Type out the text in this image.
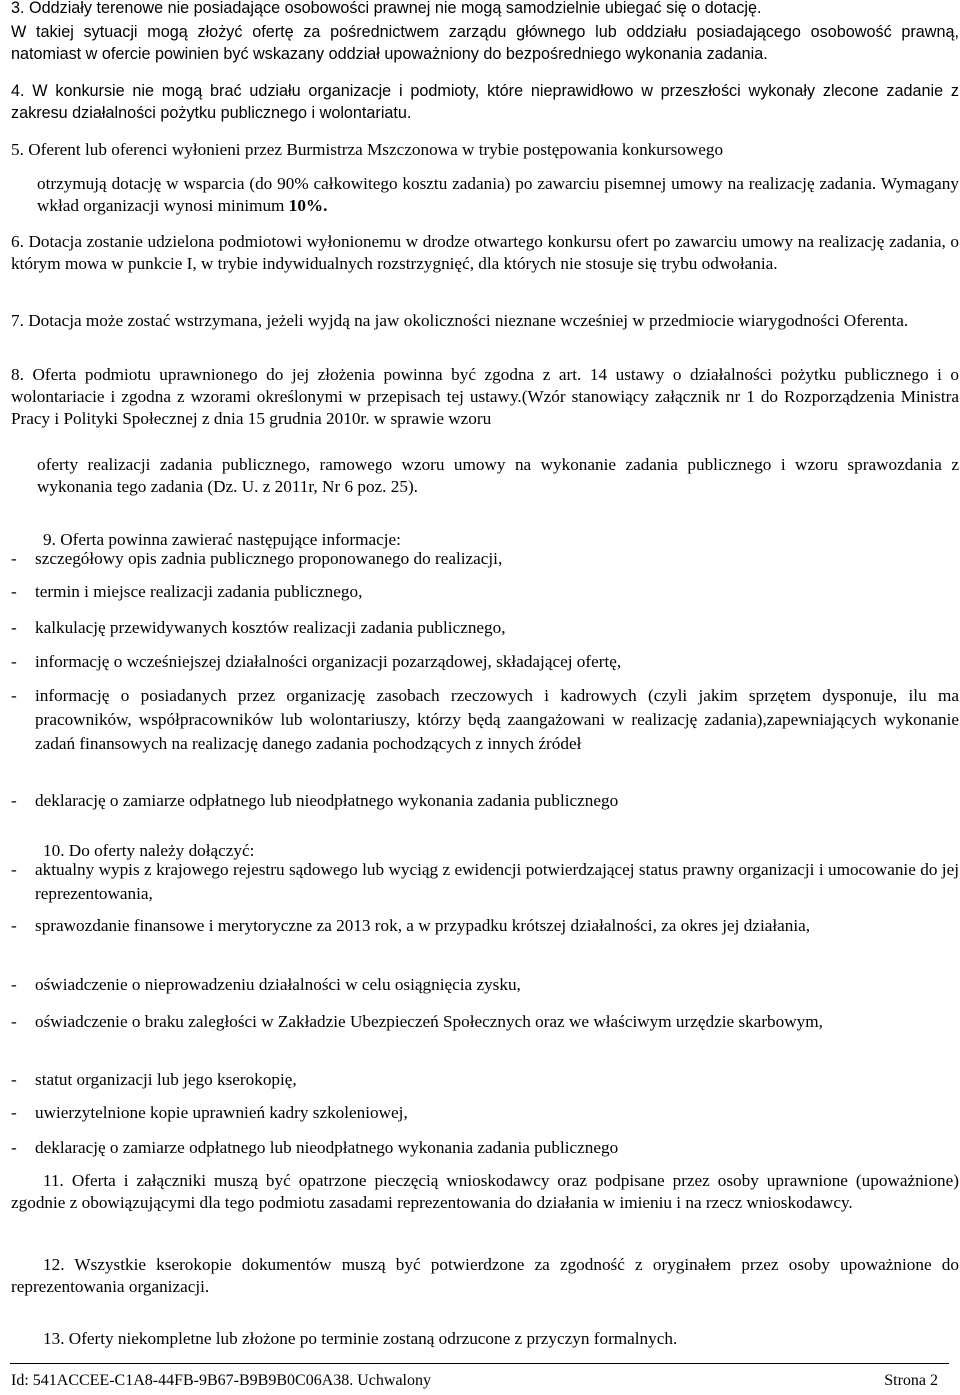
3. Oddziały terenowe nie posiadające osobowości prawnej nie mogą samodzielnie ubiegać się o dotację.

W takiej sytuacji mogą złożyć ofertę za pośrednictwem zarządu głównego lub oddziału posiadającego osobowość prawną, natomiast w ofercie powinien być wskazany oddział upoważniony do bezpośredniego wykonania zadania.

4. W konkursie nie mogą brać udziału organizacje i podmioty, które nieprawidłowo w przeszłości wykonały zlecone zadanie z zakresu działalności pożytku publicznego i wolontariatu.

5. Oferent lub oferenci wyłonieni przez Burmistrza Mszczonowa w trybie postępowania konkursowego

otrzymują dotację w wsparcia (do 90% całkowitego kosztu zadania) po zawarciu pisemnej umowy na realizację zadania. Wymagany wkład organizacji wynosi minimum 10%.

6. Dotacja zostanie udzielona podmiotowi wyłonionemu w drodze otwartego konkursu ofert po zawarciu umowy na realizację zadania, o którym mowa w punkcie I, w trybie indywidualnych rozstrzygnięć, dla których nie stosuje się trybu odwołania.

7. Dotacja może zostać wstrzymana, jeżeli wyjdą na jaw okoliczności nieznane wcześniej w przedmiocie wiarygodności Oferenta.

8. Oferta podmiotu uprawnionego do jej złożenia powinna być zgodna z art. 14 ustawy o działalności pożytku publicznego i o wolontariacie i zgodna z wzorami określonymi w przepisach tej ustawy.(Wzór stanowiący załącznik nr 1 do Rozporządzenia Ministra Pracy i Polityki Społecznej z dnia 15 grudnia 2010r. w sprawie wzoru

oferty realizacji zadania publicznego, ramowego wzoru umowy na wykonanie zadania publicznego i wzoru sprawozdania z wykonania tego zadania (Dz. U. z 2011r, Nr 6 poz. 25).

9. Oferta powinna zawierać następujące informacje:

- szczegółowy opis zadnia publicznego proponowanego do realizacji,
- termin i miejsce realizacji zadania publicznego,
- kalkulację przewidywanych kosztów realizacji zadania publicznego,
- informację o wcześniejszej działalności organizacji pozarządowej, składającej ofertę,
- informację o posiadanych przez organizację zasobach rzeczowych i kadrowych (czyli jakim sprzętem dysponuje, ilu ma pracowników, współpracowników lub wolontariuszy, którzy będą zaangażowani w realizację zadania),zapewniających wykonanie zadań finansowych na realizację danego zadania pochodzących z innych źródeł
- deklarację o zamiarze odpłatnego lub nieodpłatnego wykonania zadania publicznego

10. Do oferty należy dołączyć:

- aktualny wypis z krajowego rejestru sądowego lub wyciąg z ewidencji potwierdzającej status prawny organizacji i umocowanie do jej reprezentowania,
- sprawozdanie finansowe i merytoryczne za 2013 rok, a w przypadku krótszej działalności, za okres jej działania,
- oświadczenie o nieprowadzeniu działalności w celu osiągnięcia zysku,
- oświadczenie o braku zaległości w Zakładzie Ubezpieczeń Społecznych oraz we właściwym urzędzie skarbowym,
- statut organizacji lub jego kserokopię,
- uwierzytelnione kopie uprawnień kadry szkoleniowej,
- deklarację o zamiarze odpłatnego lub nieodpłatnego wykonania zadania publicznego

11. Oferta i załączniki muszą być opatrzone pieczęcią wnioskodawcy oraz podpisane przez osoby uprawnione (upoważnione) zgodnie z obowiązującymi dla tego podmiotu zasadami reprezentowania do działania w imieniu i na rzecz wnioskodawcy.

12. Wszystkie kserokopie dokumentów muszą być potwierdzone za zgodność z oryginałem przez osoby upoważnione do reprezentowania organizacji.

13. Oferty niekompletne lub złożone po terminie zostaną odrzucone z przyczyn formalnych.

Id: 541ACCEE-C1A8-44FB-9B67-B9B9B0C06A38. Uchwalony	Strona 2
